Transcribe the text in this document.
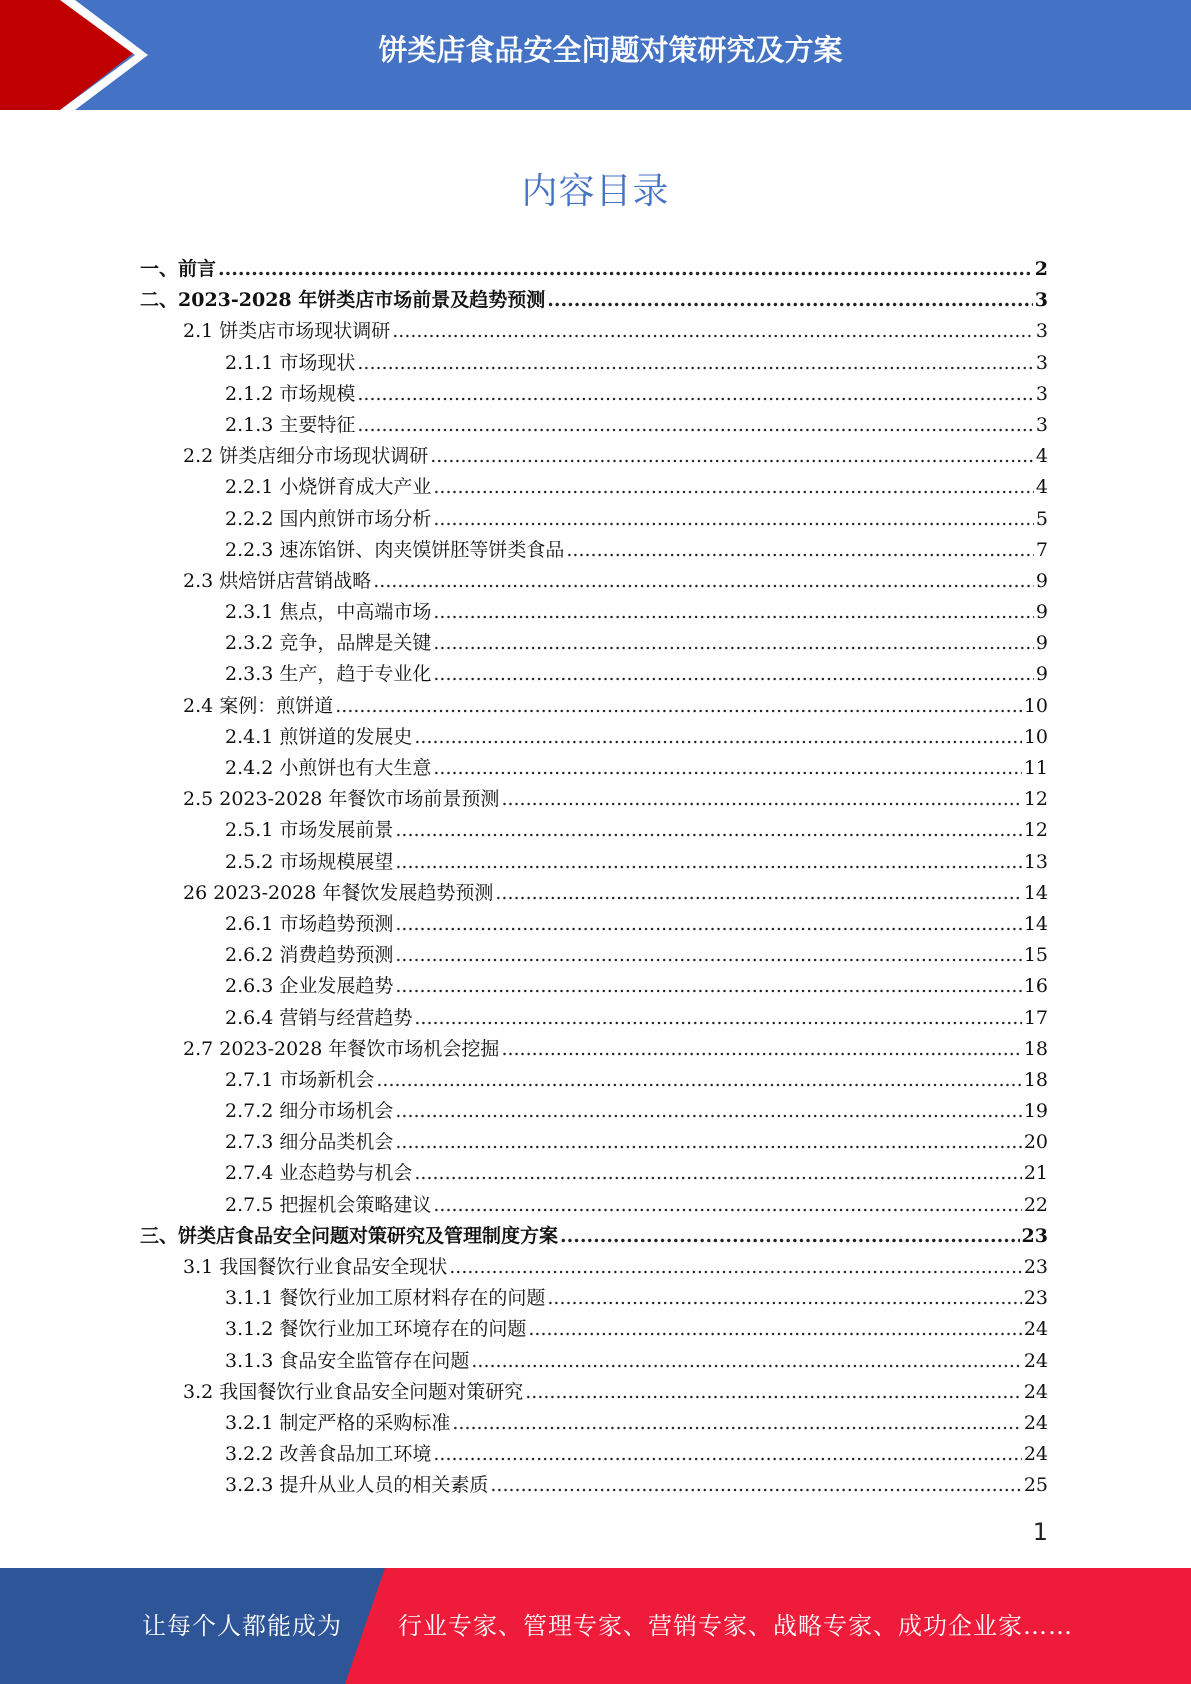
饼类店食品安全问题对策研究及方案
内容目录
一、前言 .....	2
二、2023-2028 年饼类店市场前景及趋势预测 .....	3
2.1 饼类店市场现状调研 .....	3
2.1.1 市场现状 .....	3
2.1.2 市场规模 .....	3
2.1.3 主要特征 .....	3
2.2 饼类店细分市场现状调研 .....	4
2.2.1 小烧饼育成大产业 .....	4
2.2.2 国内煎饼市场分析 .....	5
2.2.3 速冻馅饼、肉夹馍饼胚等饼类食品 .....	7
2.3 烘焙饼店营销战略 .....	9
2.3.1 焦点，中高端市场 .....	9
2.3.2 竞争，品牌是关键 .....	9
2.3.3 生产，趋于专业化 .....	9
2.4 案例：煎饼道 .....	10
2.4.1 煎饼道的发展史 .....	10
2.4.2 小煎饼也有大生意 .....	11
2.5 2023-2028 年餐饮市场前景预测 .....	12
2.5.1 市场发展前景 .....	12
2.5.2 市场规模展望 .....	13
26 2023-2028 年餐饮发展趋势预测 .....	14
2.6.1 市场趋势预测 .....	14
2.6.2 消费趋势预测 .....	15
2.6.3 企业发展趋势 .....	16
2.6.4 营销与经营趋势 .....	17
2.7 2023-2028 年餐饮市场机会挖掘 .....	18
2.7.1 市场新机会 .....	18
2.7.2 细分市场机会 .....	19
2.7.3 细分品类机会 .....	20
2.7.4 业态趋势与机会 .....	21
2.7.5 把握机会策略建议 .....	22
三、饼类店食品安全问题对策研究及管理制度方案 .....	23
3.1 我国餐饮行业食品安全现状 .....	23
3.1.1 餐饮行业加工原材料存在的问题 .....	23
3.1.2 餐饮行业加工环境存在的问题 .....	24
3.1.3 食品安全监管存在问题 .....	24
3.2 我国餐饮行业食品安全问题对策研究 .....	24
3.2.1 制定严格的采购标准 .....	24
3.2.2 改善食品加工环境 .....	24
3.2.3 提升从业人员的相关素质 .....	25
1
让每个人都能成为 行业专家、管理专家、营销专家、战略专家、成功企业家……
